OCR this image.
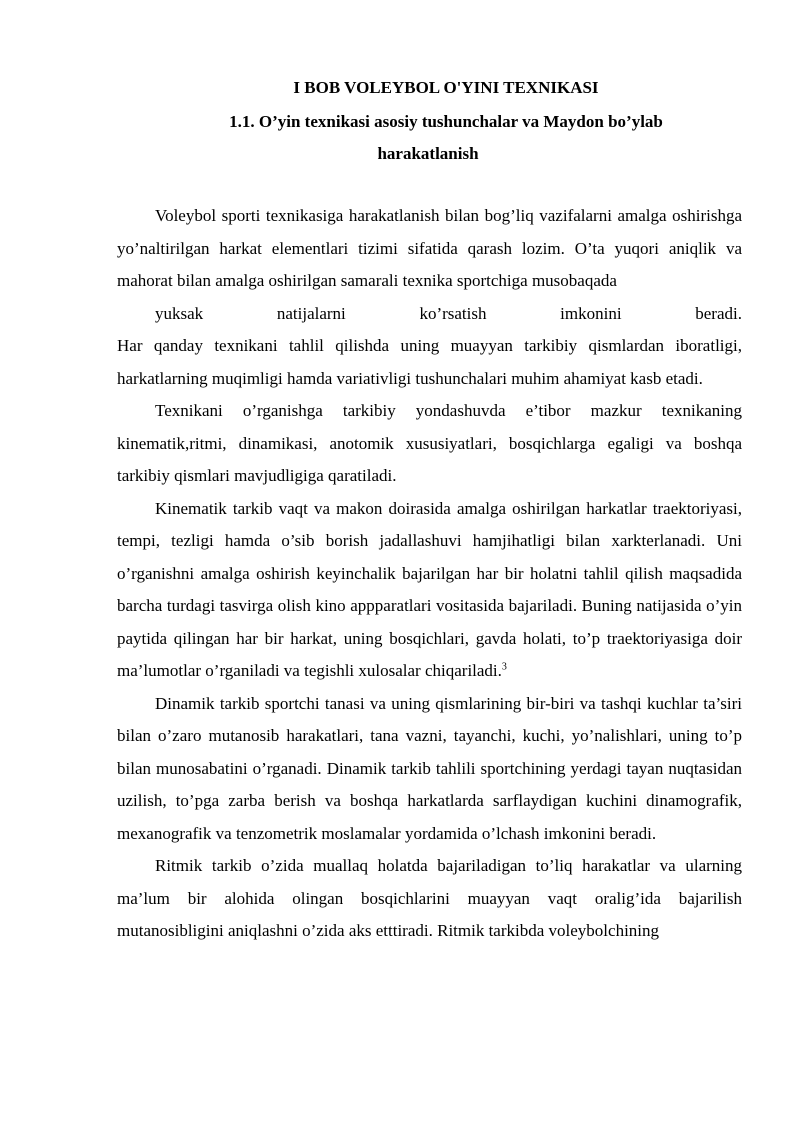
I BOB VOLEYBOL O'YINI TEXNIKASI
1.1. O’yin texnikasi asosiy tushunchalar va Maydon bo’ylab
harakatlanish

Voleybol sporti texnikasiga harakatlanish bilan bog’liq vazifalarni amalga oshirishga yo’naltirilgan harkat elementlari tizimi sifatida qarash lozim. O’ta yuqori aniqlik va mahorat bilan amalga oshirilgan samarali texnika sportchiga musobaqada
yuksak natijalarni ko’rsatish imkonini beradi.

Har qanday texnikani tahlil qilishda uning muayyan tarkibiy qismlardan iboratligi, harkatlarning muqimligi hamda variativligi tushunchalari muhim ahamiyat kasb etadi.

Texnikani o’rganishga tarkibiy yondashuvda e’tibor mazkur texnikaning kinematik,ritmi, dinamikasi, anotomik xususiyatlari, bosqichlarga egaligi va boshqa tarkibiy qismlari mavjudligiga qaratiladi.

Kinematik tarkib vaqt va makon doirasida amalga oshirilgan harkatlar traektoriyasi, tempi, tezligi hamda o’sib borish jadallashuvi hamjihatligi bilan xarkterlanadi. Uni o’rganishni amalga oshirish keyinchalik bajarilgan har bir holatni tahlil qilish maqsadida barcha turdagi tasvirga olish kino appparatlari vositasida bajariladi. Buning natijasida o’yin paytida qilingan har bir harkat, uning bosqichlari, gavda holati, to’p traektoriyasiga doir ma’lumotlar o’rganiladi va tegishli xulosalar chiqariladi.$^3$

Dinamik tarkib sportchi tanasi va uning qismlarining bir-biri va tashqi kuchlar ta’siri bilan o’zaro mutanosib harakatlari, tana vazni, tayanchi, kuchi, yo’nalishlari, uning to’p bilan munosabatini o’rganadi. Dinamik tarkib tahlili sportchining yerdagi tayan nuqtasidan uzilish, to’pga zarba berish va boshqa harkatlarda sarflaydigan kuchini dinamografik, mexanografik va tenzometrik moslamalar yordamida o’lchash imkonini beradi.

Ritmik tarkib o’zida muallaq holatda bajariladigan to’liq harakatlar va ularning ma’lum bir alohida olingan bosqichlarini muayyan vaqt oralig’ida bajarilish mutanosibligini aniqlashni o’zida aks etttiradi. Ritmik tarkibda voleybolchining
